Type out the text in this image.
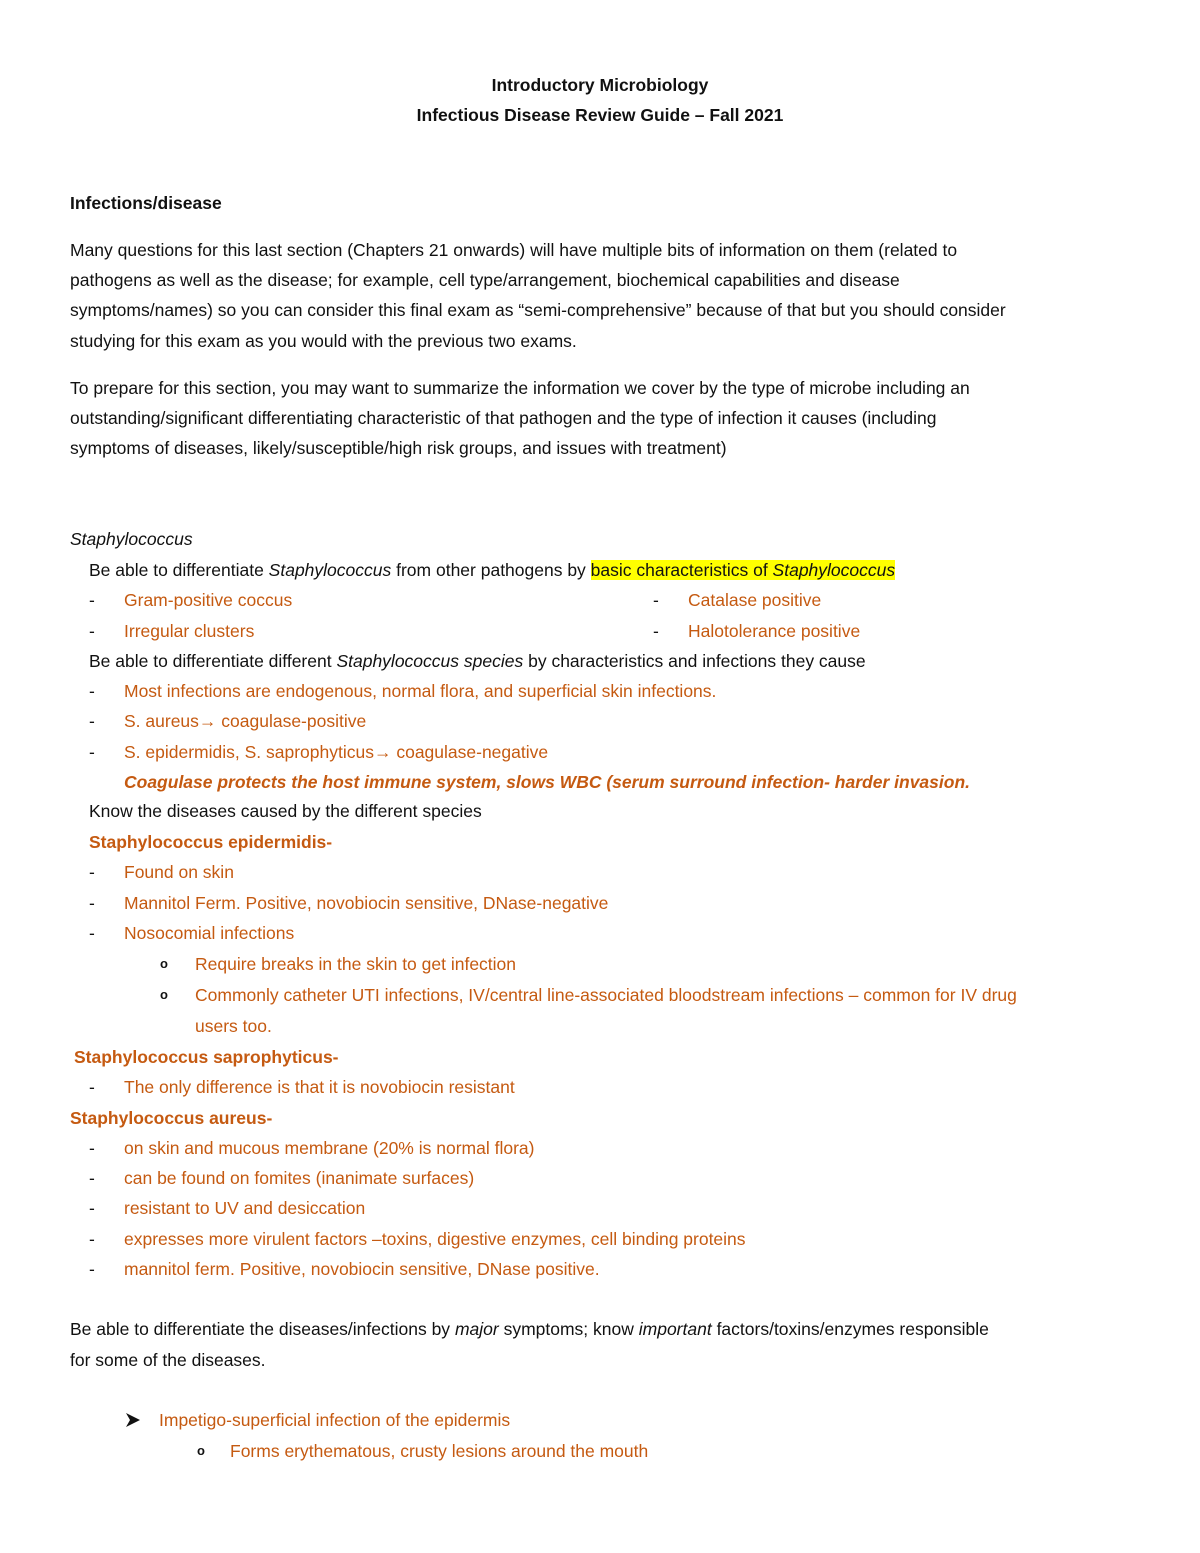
Introductory Microbiology
Infectious Disease Review Guide – Fall 2021
Infections/disease
Many questions for this last section (Chapters 21 onwards) will have multiple bits of information on them (related to
pathogens as well as the disease; for example, cell type/arrangement, biochemical capabilities and disease
symptoms/names) so you can consider this final exam as “semi-comprehensive” because of that but you should consider
studying for this exam as you would with the previous two exams.
To prepare for this section, you may want to summarize the information we cover by the type of microbe including an
outstanding/significant differentiating characteristic of that pathogen and the type of infection it causes (including
symptoms of diseases, likely/susceptible/high risk groups, and issues with treatment)
Staphylococcus
Be able to differentiate Staphylococcus from other pathogens by basic characteristics of Staphylococcus
- Gram-positive coccus	- Catalase positive
- Irregular clusters	- Halotolerance positive
Be able to differentiate different Staphylococcus species by characteristics and infections they cause
- Most infections are endogenous, normal flora, and superficial skin infections.
- S. aureus→ coagulase-positive
- S. epidermidis, S. saprophyticus→ coagulase-negative
Coagulase protects the host immune system, slows WBC (serum surround infection- harder invasion.
Know the diseases caused by the different species
Staphylococcus epidermidis-
- Found on skin
- Mannitol Ferm. Positive, novobiocin sensitive, DNase-negative
- Nosocomial infections
o Require breaks in the skin to get infection
o Commonly catheter UTI infections, IV/central line-associated bloodstream infections – common for IV drug
users too.
Staphylococcus saprophyticus-
- The only difference is that it is novobiocin resistant
Staphylococcus aureus-
- on skin and mucous membrane (20% is normal flora)
- can be found on fomites (inanimate surfaces)
- resistant to UV and desiccation
- expresses more virulent factors –toxins, digestive enzymes, cell binding proteins
- mannitol ferm. Positive, novobiocin sensitive, DNase positive.
Be able to differentiate the diseases/infections by major symptoms; know important factors/toxins/enzymes responsible
for some of the diseases.
Impetigo-superficial infection of the epidermis
o Forms erythematous, crusty lesions around the mouth
